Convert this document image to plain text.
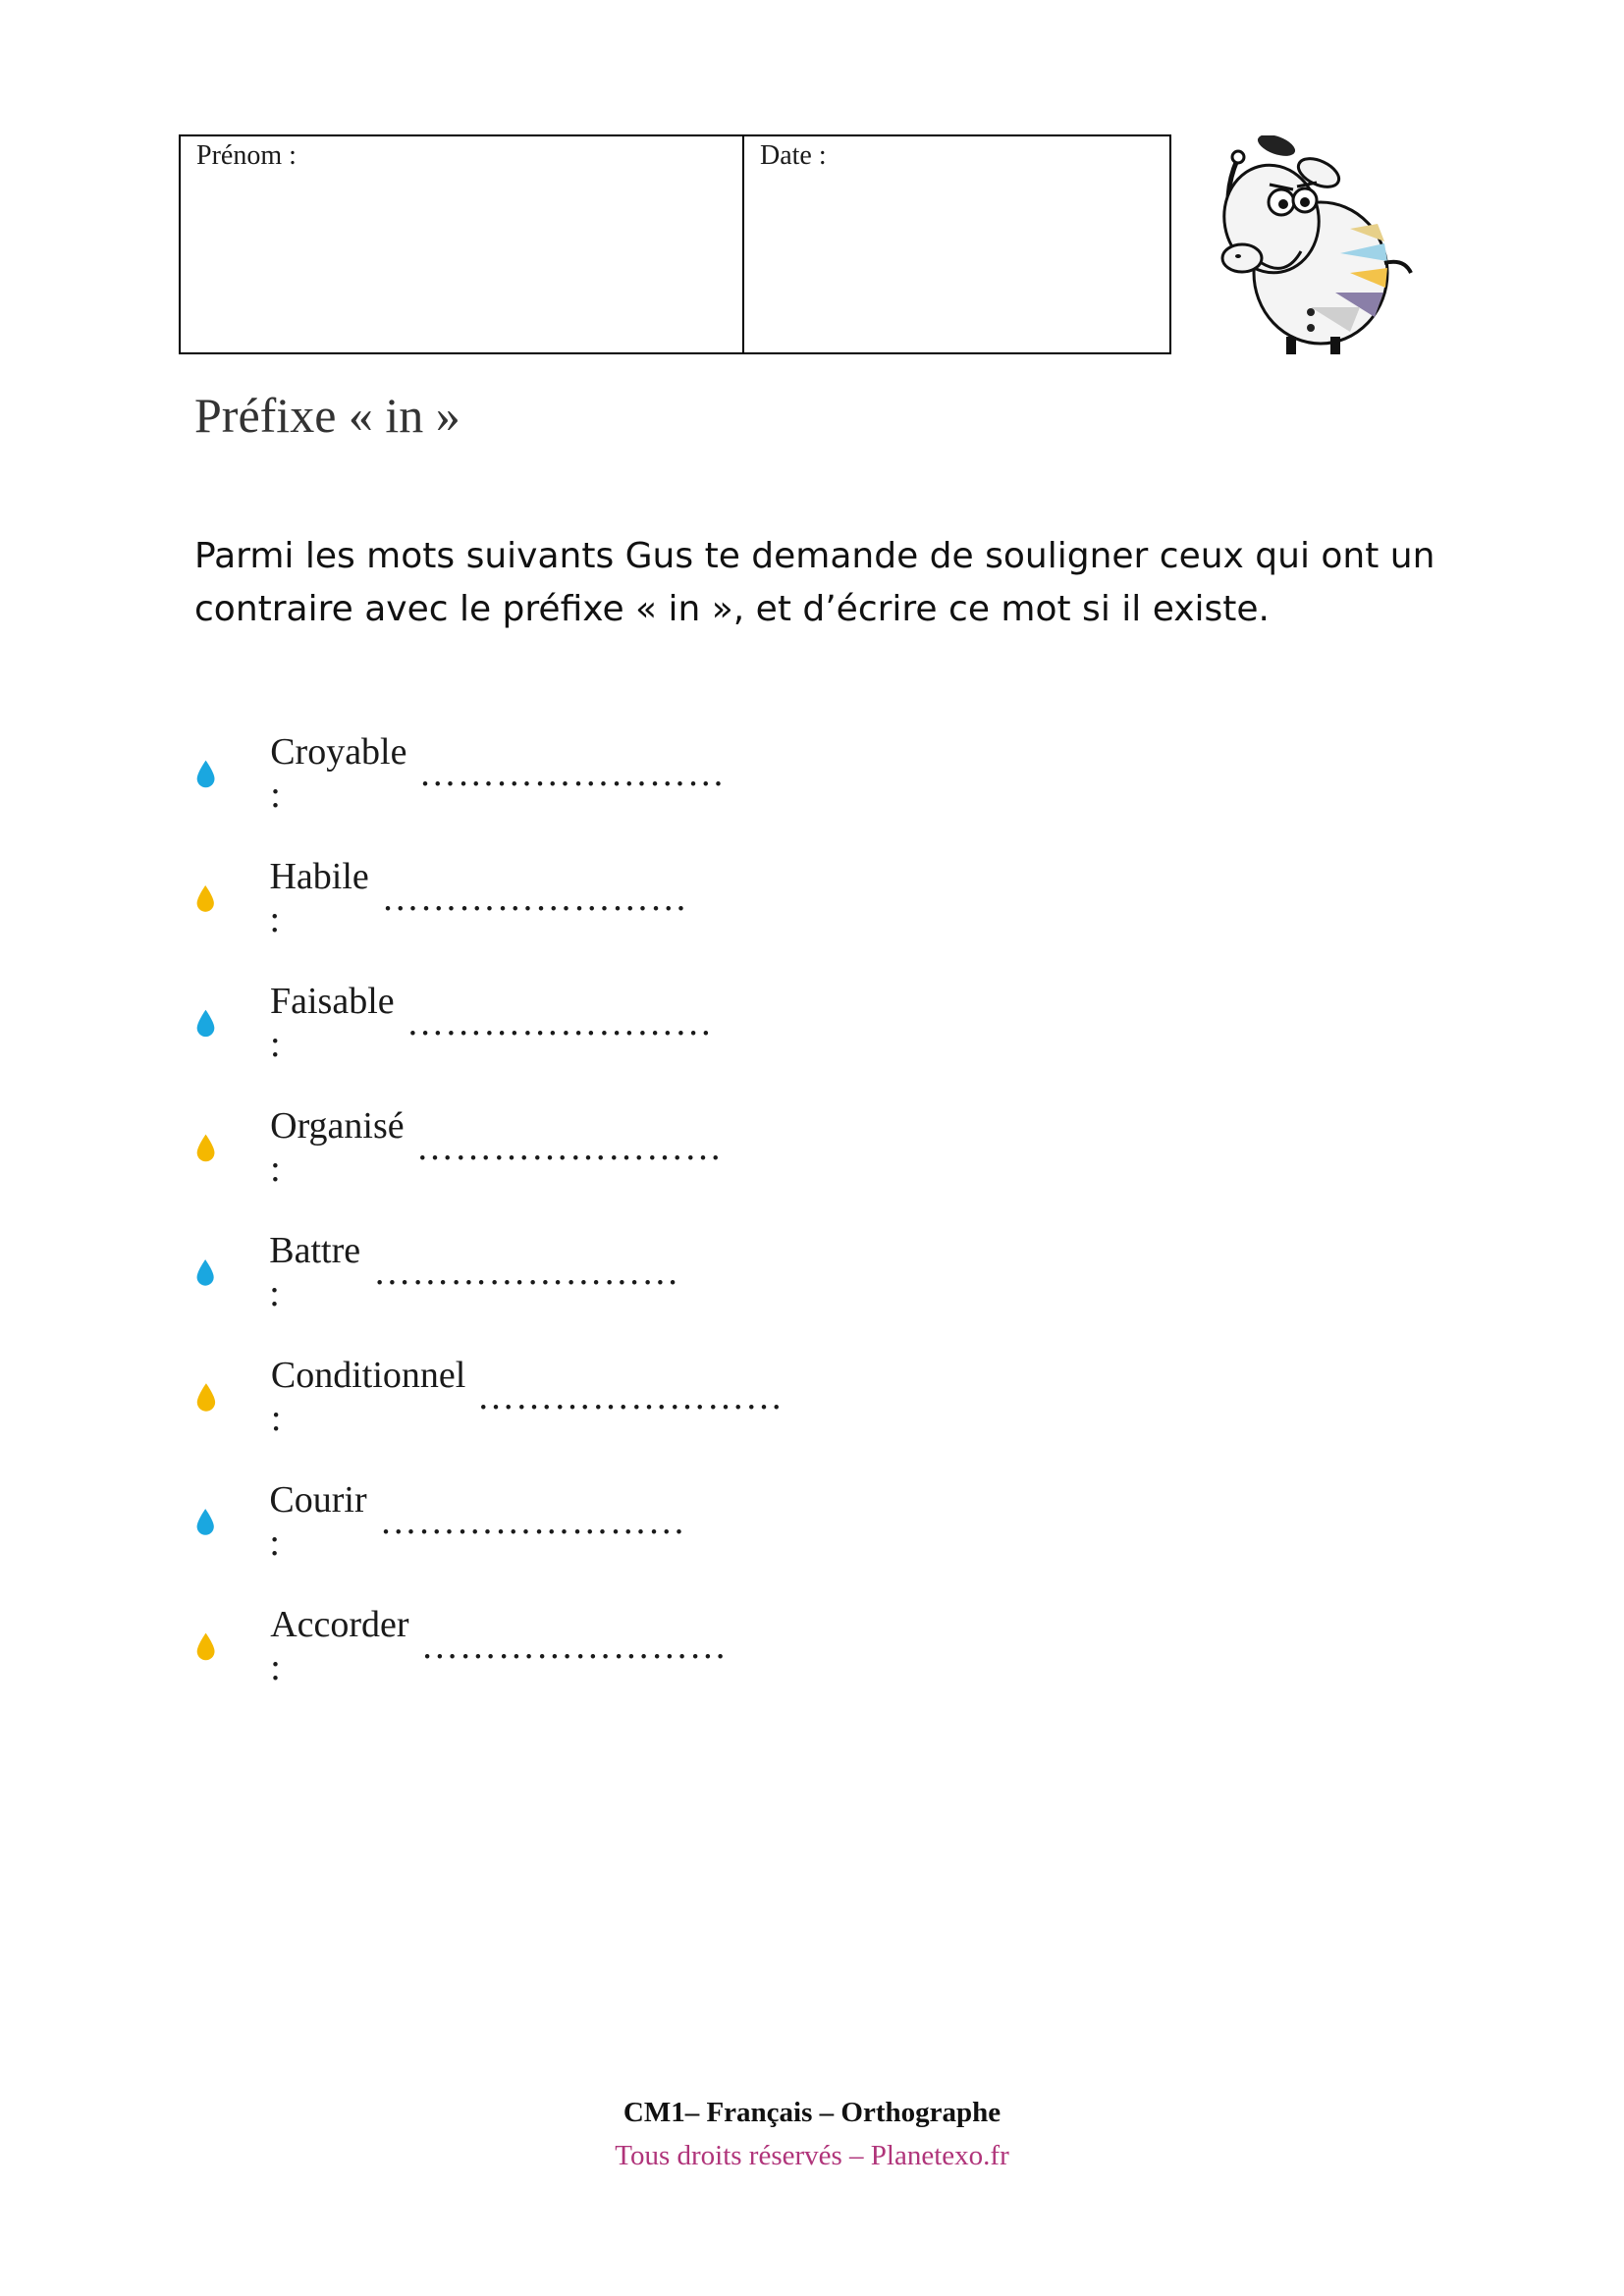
Prénom :	Date :
Préfixe « in »
Parmi les mots suivants Gus te demande de souligner ceux qui ont un contraire avec le préfixe « in », et d’écrire ce mot si il existe.
Croyable :

……………………
Habile :

……………………
Faisable :

……………………
Organisé :

……………………
Battre :

……………………
Conditionnel :

……………………
Courir :

……………………
Accorder :

……………………
CM1– Français – Orthographe
Tous droits réservés – Planetexo.fr
